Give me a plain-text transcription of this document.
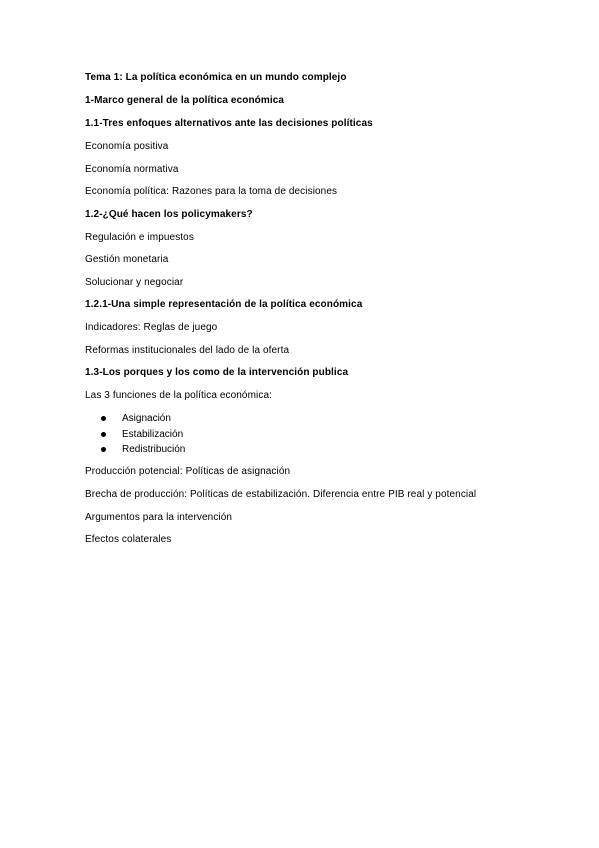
Tema 1: La política económica en un mundo complejo
1-Marco general de la política económica
1.1-Tres enfoques alternativos ante las decisiones políticas
Economía positiva
Economía normativa
Economía política: Razones para la toma de decisiones
1.2-¿Qué hacen los policymakers?
Regulación e impuestos
Gestión monetaria
Solucionar y negociar
1.2.1-Una simple representación de la política económica
Indicadores: Reglas de juego
Reformas institucionales del lado de la oferta
1.3-Los porques y los como de la intervención publica
Las 3 funciones de la política económica:
Asignación
Estabilización
Redistribución
Producción potencial: Políticas de asignación
Brecha de producción: Políticas de estabilización. Diferencia entre PIB real y potencial
Argumentos para la intervención
Efectos colaterales
